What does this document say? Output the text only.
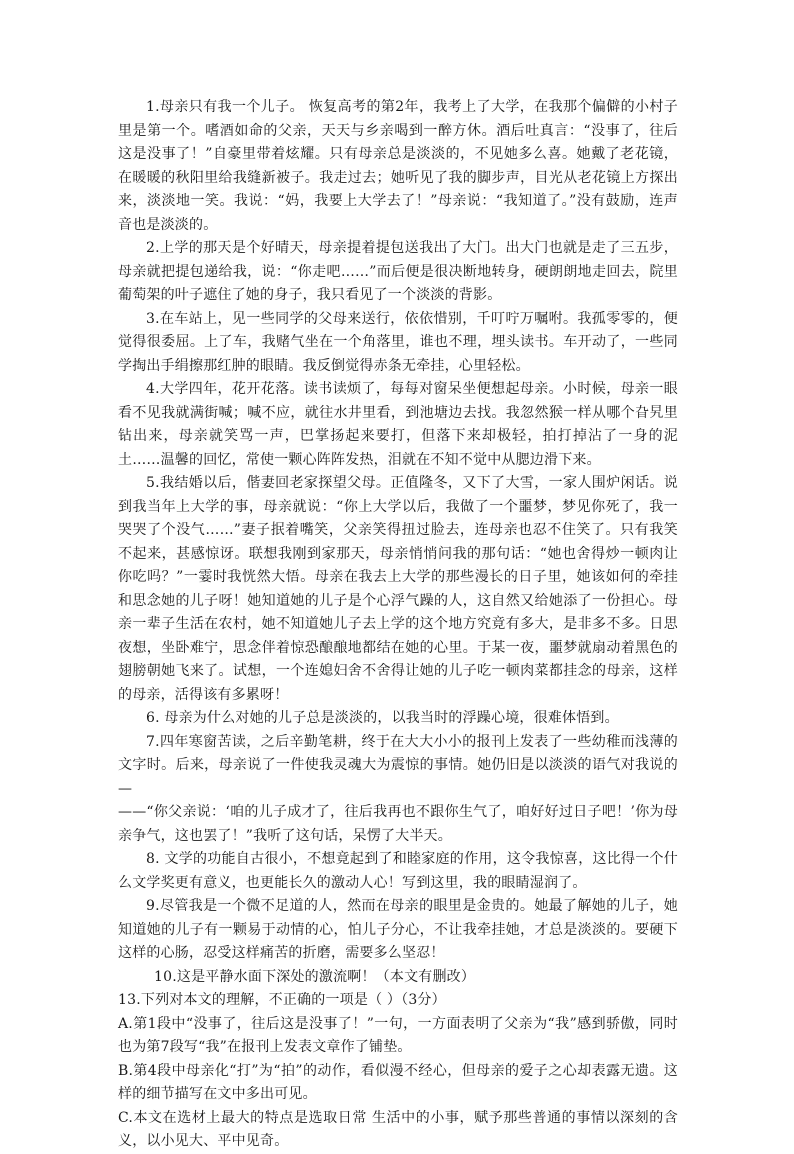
1.母亲只有我一个儿子。 恢复高考的第2年，我考上了大学，在我那个偏僻的小村子里是第一个。嗜酒如命的父亲，天天与乡亲喝到一醉方休。酒后吐真言：“没事了，往后这是没事了！”自豪里带着炫耀。只有母亲总是淡淡的，不见她多么喜。她戴了老花镜，在暖暖的秋阳里给我缝新被子。我走过去；她听见了我的脚步声，目光从老花镜上方探出来，淡淡地一笑。我说：“妈，我要上大学去了！”母亲说：“我知道了。”没有鼓励，连声音也是淡淡的。

2.上学的那天是个好晴天，母亲提着提包送我出了大门。出大门也就是走了三五步，母亲就把提包递给我，说：“你走吧……”而后便是很决断地转身，硬朗朗地走回去，院里葡萄架的叶子遮住了她的身子，我只看见了一个淡淡的背影。

3.在车站上，见一些同学的父母来送行，依依惜别，千叮咛万嘱咐。我孤零零的，便觉得很委屈。上了车，我赌气坐在一个角落里，谁也不理，埋头读书。车开动了，一些同学掏出手绢擦那红肿的眼睛。我反倒觉得赤条无牵挂，心里轻松。

4.大学四年，花开花落。读书读烦了，每每对窗呆坐便想起母亲。小时候，母亲一眼看不见我就满街喊；喊不应，就往水井里看，到池塘边去找。我忽然猴一样从哪个旮旯里钻出来，母亲就笑骂一声，巴掌扬起来要打，但落下来却极轻，拍打掉沾了一身的泥土……温馨的回忆，常使一颗心阵阵发热，泪就在不知不觉中从腮边滑下来。

5.我结婚以后，偕妻回老家探望父母。正值隆冬，又下了大雪，一家人围炉闲话。说到我当年上大学的事，母亲就说：“你上大学以后，我做了一个噩梦，梦见你死了，我一哭哭了个没气……”妻子抿着嘴笑，父亲笑得扭过脸去，连母亲也忍不住笑了。只有我笑不起来，甚感惊讶。联想我刚到家那天，母亲悄悄问我的那句话：“她也舍得炒一顿肉让你吃吗？”一霎时我恍然大悟。母亲在我去上大学的那些漫长的日子里，她该如何的牵挂和思念她的儿子呀！她知道她的儿子是个心浮气躁的人，这自然又给她添了一份担心。母亲一辈子生活在农村，她不知道她儿子去上学的这个地方究竟有多大，是非多不多。日思夜想，坐卧难宁，思念伴着惊恐酿酿地都结在她的心里。于某一夜，噩梦就扇动着黑色的翅膀朝她飞来了。试想，一个连媳妇舍不舍得让她的儿子吃一顿肉菜都挂念的母亲，这样的母亲，活得该有多累呀！

6. 母亲为什么对她的儿子总是淡淡的，以我当时的浮躁心境，很难体悟到。

7.四年寒窗苦读，之后辛勤笔耕，终于在大大小小的报刊上发表了一些幼稚而浅薄的文字时。后来，母亲说了一件使我灵魂大为震惊的事情。她仍旧是以淡淡的语气对我说的—

——“你父亲说：‘咱的儿子成才了，往后我再也不跟你生气了，咱好好过日子吧！’你为母亲争气，这也罢了！”我听了这句话，呆愣了大半天。

8. 文学的功能自古很小，不想竟起到了和睦家庭的作用，这令我惊喜，这比得一个什么文学奖更有意义，也更能长久的激动人心！写到这里，我的眼睛湿润了。

9.尽管我是一个微不足道的人，然而在母亲的眼里是金贵的。她最了解她的儿子，她知道她的儿子有一颗易于动情的心，怕儿子分心，不让我牵挂她，才总是淡淡的。要硬下这样的心肠，忍受这样痛苦的折磨，需要多么坚忍！

10.这是平静水面下深处的激流啊！（本文有删改）

13.下列对本文的理解，不正确的一项是（ ）（3分）

A.第1段中“没事了，往后这是没事了！”一句，一方面表明了父亲为“我”感到骄傲，同时也为第7段写“我”在报刊上发表文章作了铺垫。

B.第4段中母亲化“打”为“拍”的动作，看似漫不经心，但母亲的爱子之心却表露无遗。这样的细节描写在文中多出可见。

C.本文在选材上最大的特点是选取日常 生活中的小事，赋予那些普通的事情以深刻的含义，以小见大、平中见奇。
